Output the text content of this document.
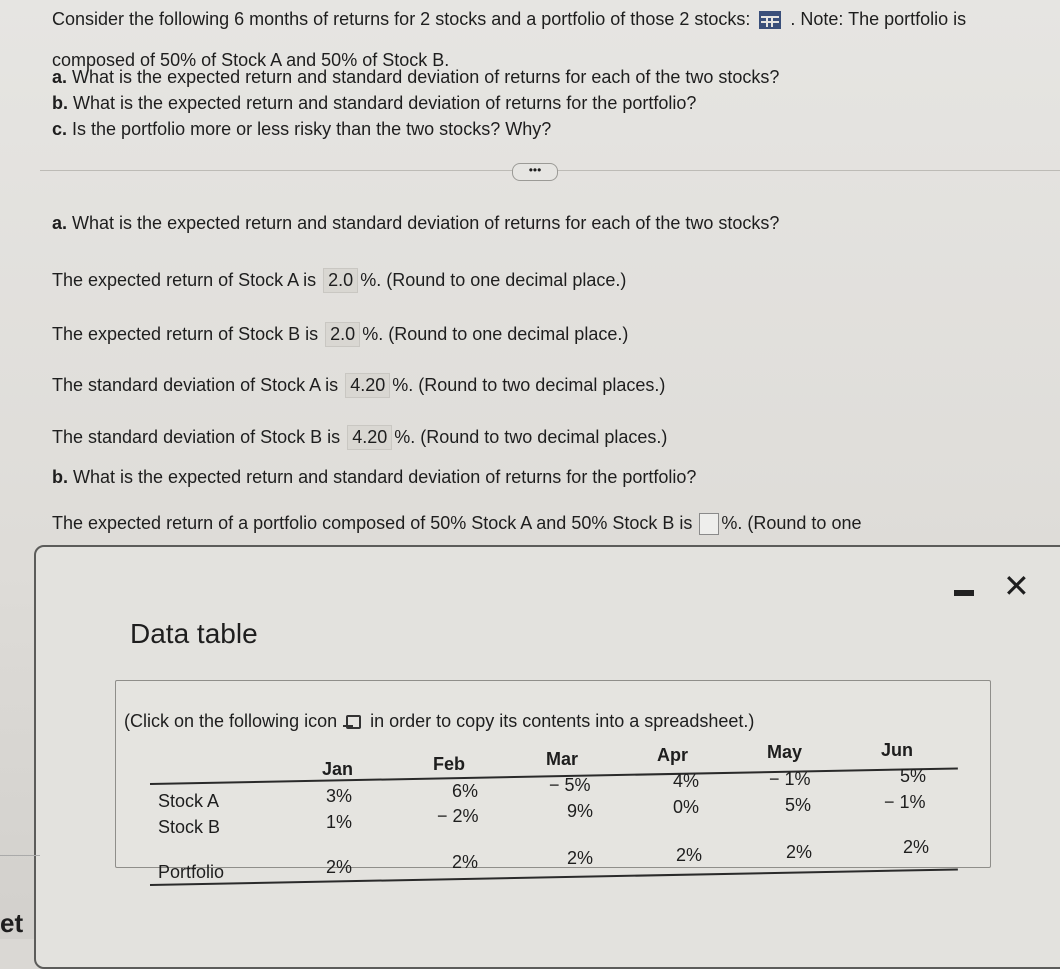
Consider the following 6 months of returns for 2 stocks and a portfolio of those 2 stocks: . Note: The portfolio is
composed of 50% of Stock A and 50% of Stock B.
a. What is the expected return and standard deviation of returns for each of the two stocks?
b. What is the expected return and standard deviation of returns for the portfolio?
c. Is the portfolio more or less risky than the two stocks? Why?
•••
a. What is the expected return and standard deviation of returns for each of the two stocks?
The expected return of Stock A is 2.0 %. (Round to one decimal place.)
The expected return of Stock B is 2.0 %. (Round to one decimal place.)
The standard deviation of Stock A is 4.20 %. (Round to two decimal places.)
The standard deviation of Stock B is 4.20 %. (Round to two decimal places.)
b. What is the expected return and standard deviation of returns for the portfolio?
The expected return of a portfolio composed of 50% Stock A and 50% Stock B is %. (Round to one
✕
Data table
(Click on the following icon in order to copy its contents into a spreadsheet.)
Jan	Feb	Mar	Apr	May	Jun
Stock A	3%	6%	− 5%	4%	− 1%	5%
Stock B	1%	− 2%	9%	0%	5%	− 1%
Portfolio	2%	2%	2%	2%	2%	2%
et
